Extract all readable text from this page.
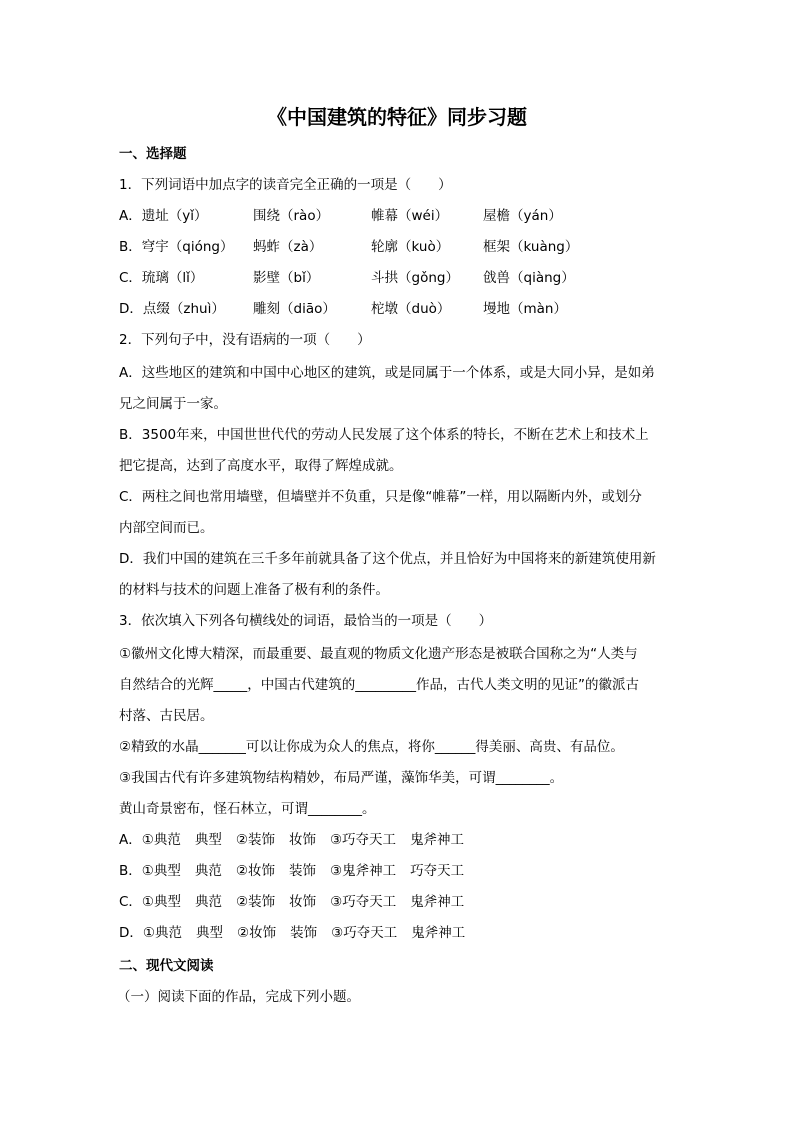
《中国建筑的特征》同步习题
一、选择题
1．下列词语中加点字的读音完全正确的一项是（　　）
A．遗址（yǐ）	围绕（rào）	帷幕（wéi）	屋檐（yán）
B．穹宇（qióng） 蚂蚱（zà）	轮廓（kuò）	框架（kuàng）
C．琉璃（lǐ）	影壁（bǐ）	斗拱（gǒng） 戗兽（qiàng）
D．点缀（zhuì） 雕刻（diāo）	柁墩（duò） 墁地（màn）
2．下列句子中，没有语病的一项（　　）
A．这些地区的建筑和中国中心地区的建筑，或是同属于一个体系，或是大同小异，是如弟
兄之间属于一家。
B．3500年来，中国世世代代的劳动人民发展了这个体系的特长，不断在艺术上和技术上
把它提高，达到了高度水平，取得了辉煌成就。
C．两柱之间也常用墙壁，但墙壁并不负重，只是像“帷幕”一样，用以隔断内外，或划分
内部空间而已。
D．我们中国的建筑在三千多年前就具备了这个优点，并且恰好为中国将来的新建筑使用新
的材料与技术的问题上准备了极有利的条件。
3．依次填入下列各句横线处的词语，最恰当的一项是（　　）
①徽州文化博大精深，而最重要、最直观的物质文化遗产形态是被联合国称之为“人类与
自然结合的光辉_____，中国古代建筑的_________作品，古代人类文明的见证”的徽派古
村落、古民居。
②精致的水晶_______可以让你成为众人的焦点，将你______得美丽、高贵、有品位。
③我国古代有许多建筑物结构精妙，布局严谨，藻饰华美，可谓________。
黄山奇景密布，怪石林立，可谓________。
A．①典范 典型 ②装饰 妆饰 ③巧夺天工 鬼斧神工
B．①典型 典范 ②妆饰 装饰 ③鬼斧神工 巧夺天工
C．①典型 典范 ②装饰 妆饰 ③巧夺天工 鬼斧神工
D．①典范 典型 ②妆饰 装饰 ③巧夺天工 鬼斧神工
二、现代文阅读
（一）阅读下面的作品，完成下列小题。
